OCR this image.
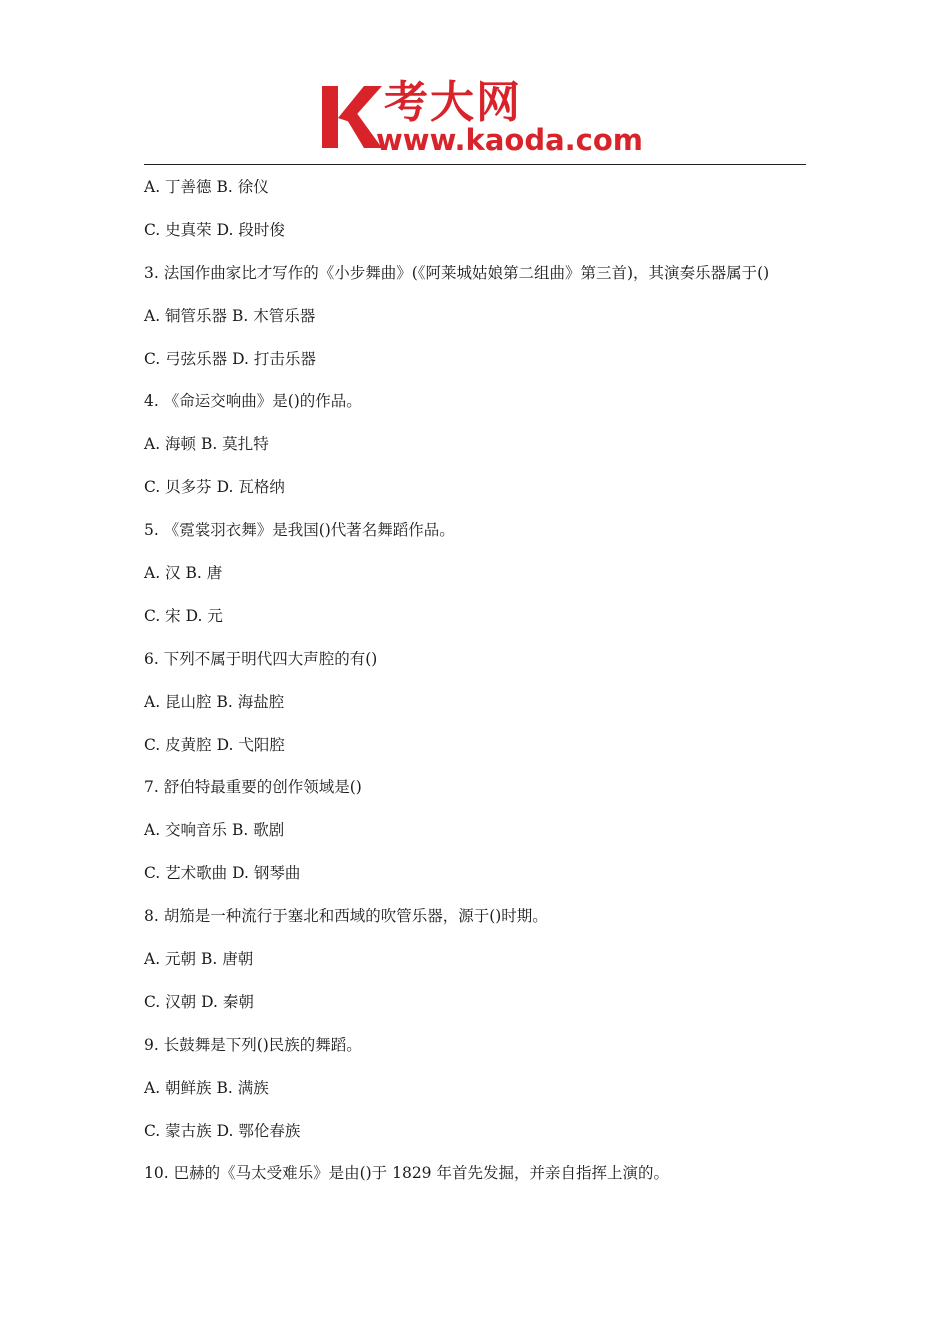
考大网
www.kaoda.com
A. 丁善德 B. 徐仪
C. 史真荣 D. 段时俊
3. 法国作曲家比才写作的《小步舞曲》(《阿莱城姑娘第二组曲》第三首)，其演奏乐器属于()
A. 铜管乐器 B. 木管乐器
C. 弓弦乐器 D. 打击乐器
4. 《命运交响曲》是()的作品。
A. 海顿 B. 莫扎特
C. 贝多芬 D. 瓦格纳
5. 《霓裳羽衣舞》是我国()代著名舞蹈作品。
A. 汉 B. 唐
C. 宋 D. 元
6. 下列不属于明代四大声腔的有()
A. 昆山腔 B. 海盐腔
C. 皮黄腔 D. 弋阳腔
7. 舒伯特最重要的创作领域是()
A. 交响音乐 B. 歌剧
C. 艺术歌曲 D. 钢琴曲
8. 胡笳是一种流行于塞北和西域的吹管乐器，源于()时期。
A. 元朝 B. 唐朝
C. 汉朝 D. 秦朝
9. 长鼓舞是下列()民族的舞蹈。
A. 朝鲜族 B. 满族
C. 蒙古族 D. 鄂伦春族
10. 巴赫的《马太受难乐》是由()于 1829 年首先发掘，并亲自指挥上演的。
